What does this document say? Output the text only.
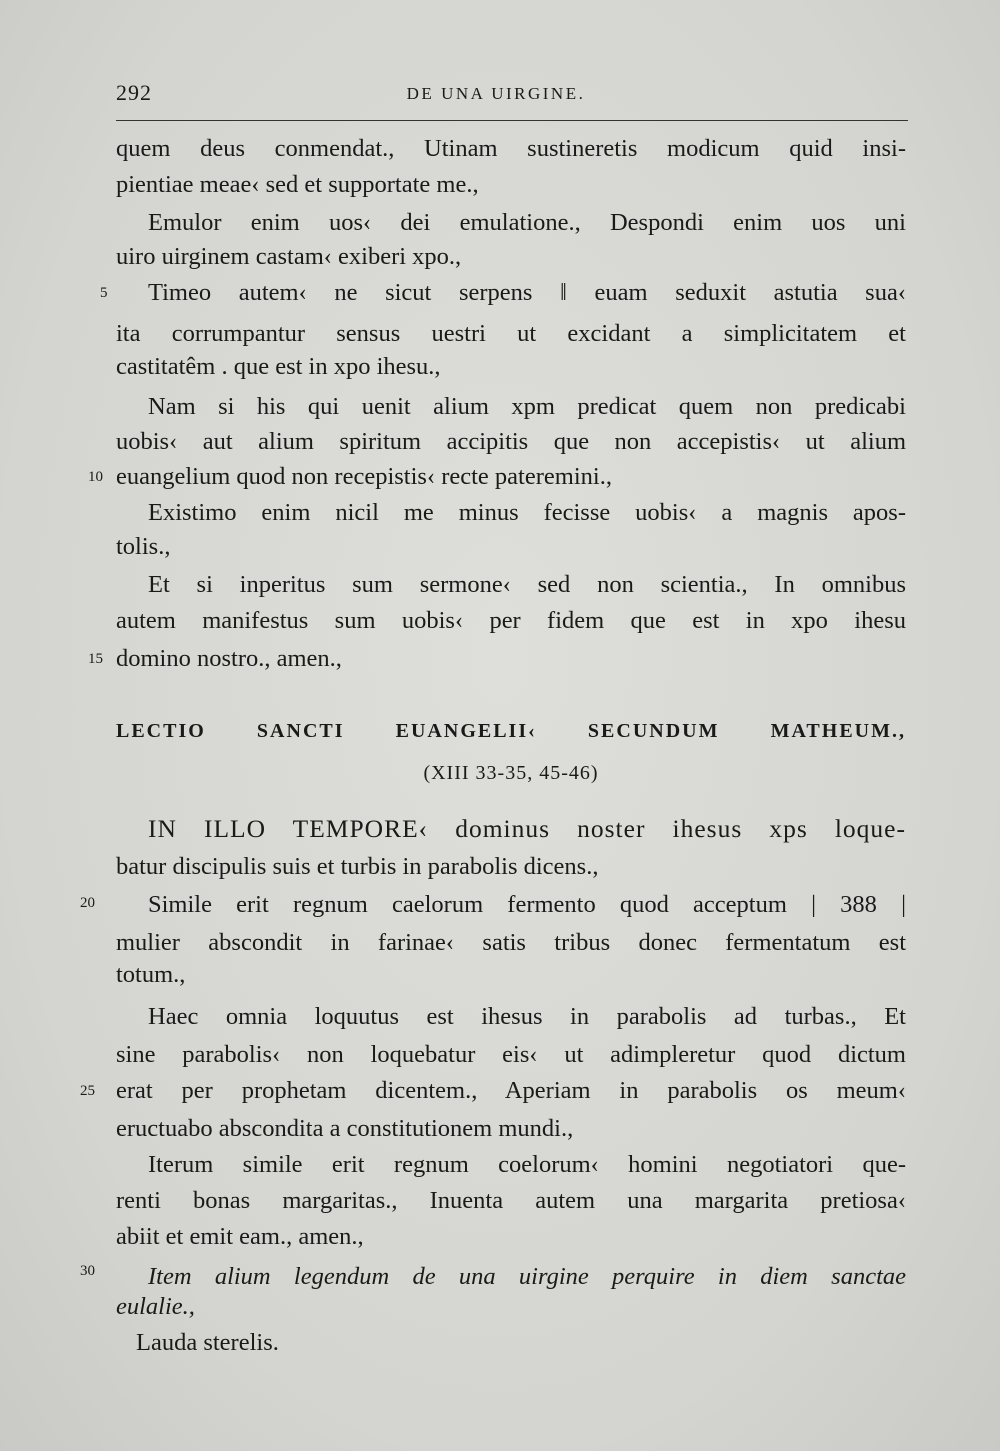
292	DE UNA UIRGINE.
quem deus conmendat., Utinam sustineretis modicum quid insi-
pientiae meae‹ sed et supportate me.,
Emulor enim uos‹ dei emulatione., Despondi enim uos uni
uiro uirginem castam‹ exiberi xpo.,
5	Timeo autem‹ ne sicut serpens ‖ euam seduxit astutia sua‹
ita corrumpantur sensus uestri ut excidant a simplicitatem et
castitatêm . que est in xpo ihesu.,
Nam si his qui uenit alium xpm predicat quem non predicabi
uobis‹ aut alium spiritum accipitis que non accepistis‹ ut alium
10 euangelium quod non recepistis‹ recte pateremini.,
Existimo enim nicil me minus fecisse uobis‹ a magnis apos-
tolis.,
Et si inperitus sum sermone‹ sed non scientia., In omnibus
autem manifestus sum uobis‹ per fidem que est in xpo ihesu
15 domino nostro., amen.,
LECTIO SANCTI EUANGELII‹ SECUNDUM MATHEUM.,
(XIII 33-35, 45-46)
IN ILLO TEMPORE‹ dominus noster ihesus xps loque-
batur discipulis suis et turbis in parabolis dicens.,
20	Simile erit regnum caelorum fermento quod acceptum | 388 |
mulier abscondit in farinae‹ satis tribus donec fermentatum est
totum.,
Haec omnia loquutus est ihesus in parabolis ad turbas., Et
sine parabolis‹ non loquebatur eis‹ ut adimpleretur quod dictum
25 erat per prophetam dicentem., Aperiam in parabolis os meum‹
eructuabo abscondita a constitutionem mundi.,
Iterum simile erit regnum coelorum‹ homini negotiatori que-
renti bonas margaritas., Inuenta autem una margarita pretiosa‹
abiit et emit eam., amen.,
30	Item alium legendum de una uirgine perquire in diem sanctae
eulalie.,
Lauda sterelis.
